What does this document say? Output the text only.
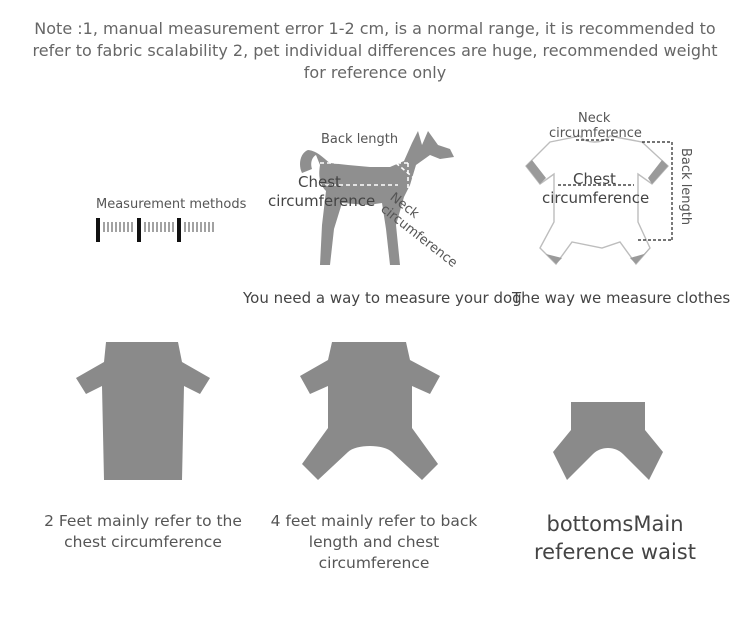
Note :1, manual measurement error 1-2 cm, is a normal range, it is recommended to refer to fabric scalability 2, pet individual differences are huge, recommended weight for reference only
Measurement methods
Back length
Chest
circumference Neck circumference
You need a way to measure your dog
Neck
circumference
Chest
circumference Back length
The way we measure clothes
2 Feet mainly refer to the chest circumference
4 feet mainly refer to back length and chest circumference
bottomsMain reference waist
